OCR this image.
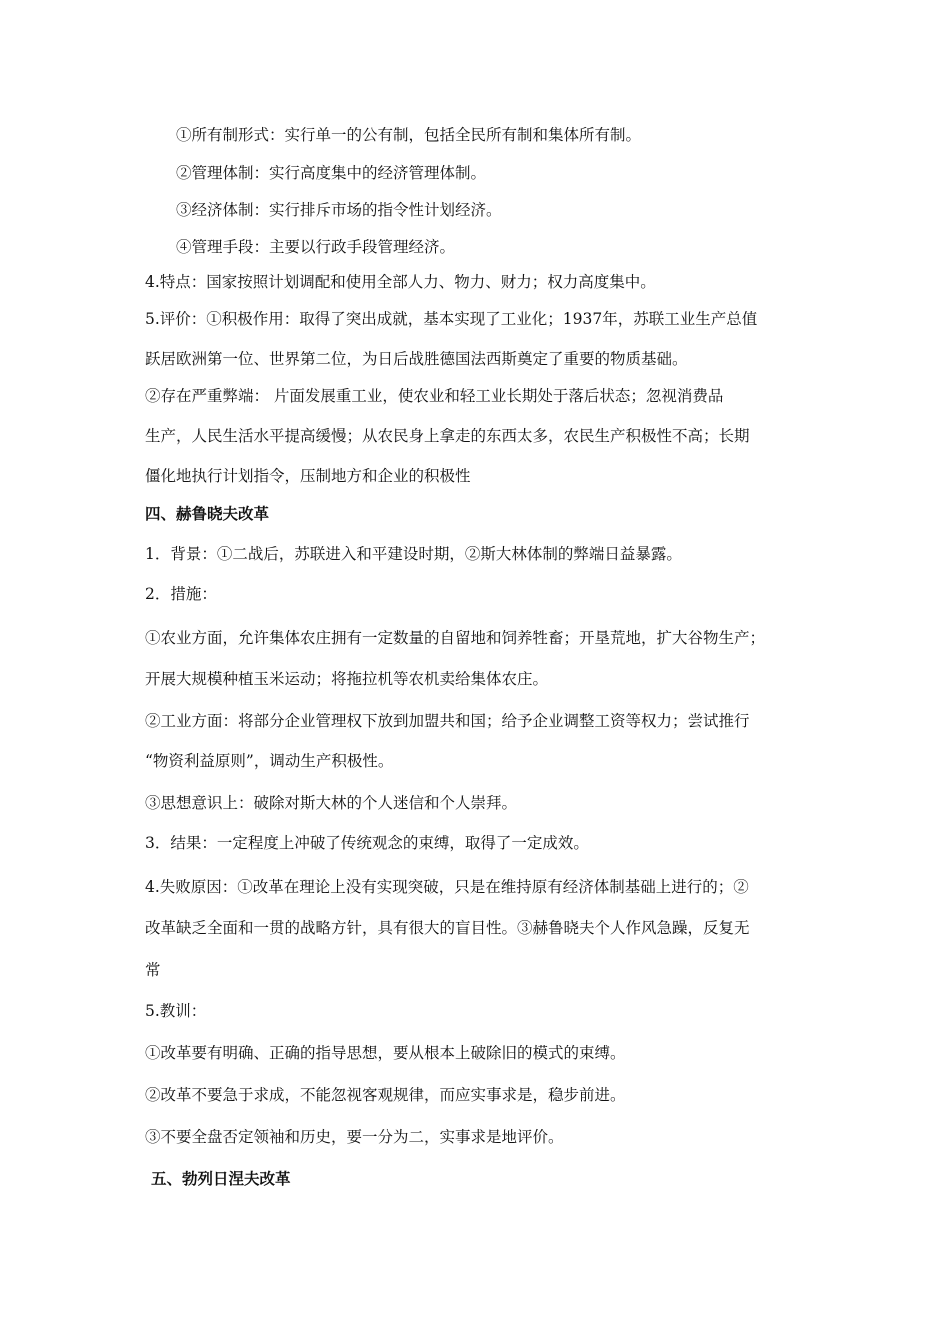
①所有制形式：实行单一的公有制，包括全民所有制和集体所有制。
②管理体制：实行高度集中的经济管理体制。
③经济体制：实行排斥市场的指令性计划经济。
④管理手段：主要以行政手段管理经济。
4.特点：国家按照计划调配和使用全部人力、物力、财力；权力高度集中。
5.评价：①积极作用：取得了突出成就，基本实现了工业化；1937年，苏联工业生产总值
跃居欧洲第一位、世界第二位，为日后战胜德国法西斯奠定了重要的物质基础。
②存在严重弊端： 片面发展重工业，使农业和轻工业长期处于落后状态；忽视消费品
生产，人民生活水平提高缓慢；从农民身上拿走的东西太多，农民生产积极性不高；长期
僵化地执行计划指令，压制地方和企业的积极性
四、赫鲁晓夫改革
1．背景：①二战后，苏联进入和平建设时期，②斯大林体制的弊端日益暴露。
2．措施：
①农业方面，允许集体农庄拥有一定数量的自留地和饲养牲畜；开垦荒地，扩大谷物生产；
开展大规模种植玉米运动；将拖拉机等农机卖给集体农庄。
②工业方面：将部分企业管理权下放到加盟共和国；给予企业调整工资等权力；尝试推行
“物资利益原则”，调动生产积极性。
③思想意识上：破除对斯大林的个人迷信和个人崇拜。
3．结果：一定程度上冲破了传统观念的束缚，取得了一定成效。
4.失败原因：①改革在理论上没有实现突破，只是在维持原有经济体制基础上进行的；②
改革缺乏全面和一贯的战略方针，具有很大的盲目性。③赫鲁晓夫个人作风急躁，反复无
常
5.教训：
①改革要有明确、正确的指导思想，要从根本上破除旧的模式的束缚。
②改革不要急于求成，不能忽视客观规律，而应实事求是，稳步前进。
③不要全盘否定领袖和历史，要一分为二，实事求是地评价。
五、勃列日涅夫改革
